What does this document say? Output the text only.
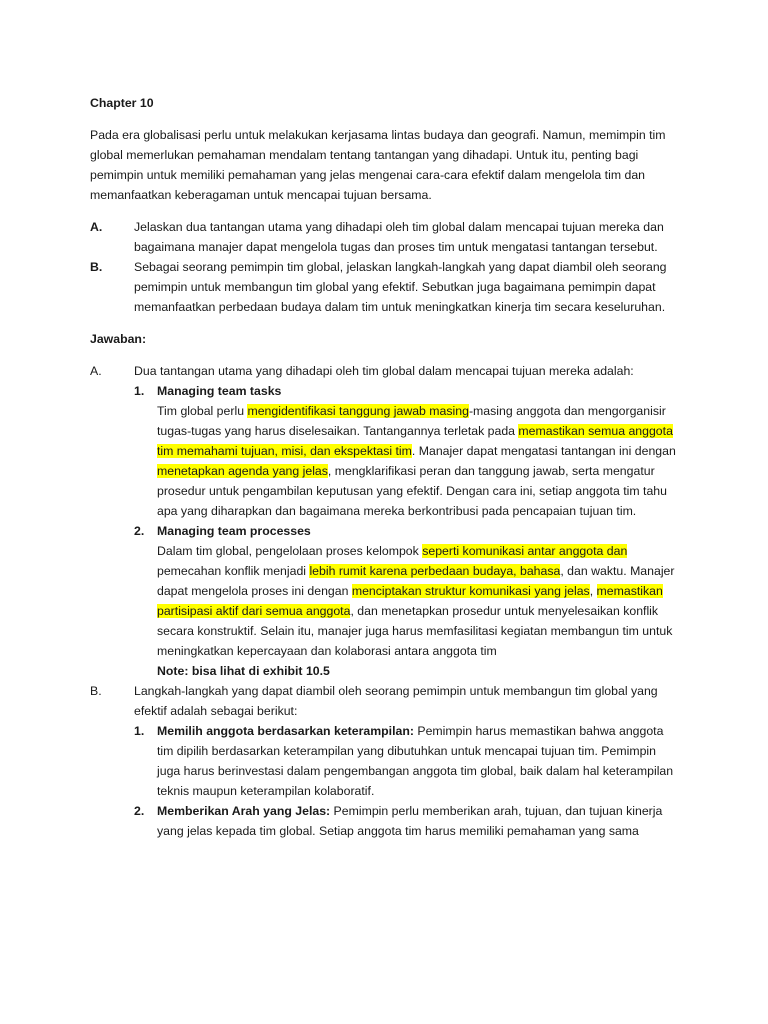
Chapter 10

Pada era globalisasi perlu untuk melakukan kerjasama lintas budaya dan geografi. Namun, memimpin tim global memerlukan pemahaman mendalam tentang tantangan yang dihadapi. Untuk itu, penting bagi pemimpin untuk memiliki pemahaman yang jelas mengenai cara-cara efektif dalam mengelola tim dan memanfaatkan keberagaman untuk mencapai tujuan bersama.

A.	Jelaskan dua tantangan utama yang dihadapi oleh tim global dalam mencapai tujuan mereka dan bagaimana manajer dapat mengelola tugas dan proses tim untuk mengatasi tantangan tersebut.
B.	Sebagai seorang pemimpin tim global, jelaskan langkah-langkah yang dapat diambil oleh seorang pemimpin untuk membangun tim global yang efektif. Sebutkan juga bagaimana pemimpin dapat memanfaatkan perbedaan budaya dalam tim untuk meningkatkan kinerja tim secara keseluruhan.

Jawaban:

A.	Dua tantangan utama yang dihadapi oleh tim global dalam mencapai tujuan mereka adalah:
1.	Managing team tasks
Tim global perlu mengidentifikasi tanggung jawab masing-masing anggota dan mengorganisir tugas-tugas yang harus diselesaikan. Tantangannya terletak pada memastikan semua anggota tim memahami tujuan, misi, dan ekspektasi tim. Manajer dapat mengatasi tantangan ini dengan menetapkan agenda yang jelas, mengklarifikasi peran dan tanggung jawab, serta mengatur prosedur untuk pengambilan keputusan yang efektif. Dengan cara ini, setiap anggota tim tahu apa yang diharapkan dan bagaimana mereka berkontribusi pada pencapaian tujuan tim.
2.	Managing team processes
Dalam tim global, pengelolaan proses kelompok seperti komunikasi antar anggota dan pemecahan konflik menjadi lebih rumit karena perbedaan budaya, bahasa, dan waktu. Manajer dapat mengelola proses ini dengan menciptakan struktur komunikasi yang jelas, memastikan partisipasi aktif dari semua anggota, dan menetapkan prosedur untuk menyelesaikan konflik secara konstruktif. Selain itu, manajer juga harus memfasilitasi kegiatan membangun tim untuk meningkatkan kepercayaan dan kolaborasi antara anggota tim
Note: bisa lihat di exhibit 10.5
B.	Langkah-langkah yang dapat diambil oleh seorang pemimpin untuk membangun tim global yang efektif adalah sebagai berikut:
1.	Memilih anggota berdasarkan keterampilan: Pemimpin harus memastikan bahwa anggota tim dipilih berdasarkan keterampilan yang dibutuhkan untuk mencapai tujuan tim. Pemimpin juga harus berinvestasi dalam pengembangan anggota tim global, baik dalam hal keterampilan teknis maupun keterampilan kolaboratif.
2.	Memberikan Arah yang Jelas: Pemimpin perlu memberikan arah, tujuan, dan tujuan kinerja yang jelas kepada tim global. Setiap anggota tim harus memiliki pemahaman yang sama
